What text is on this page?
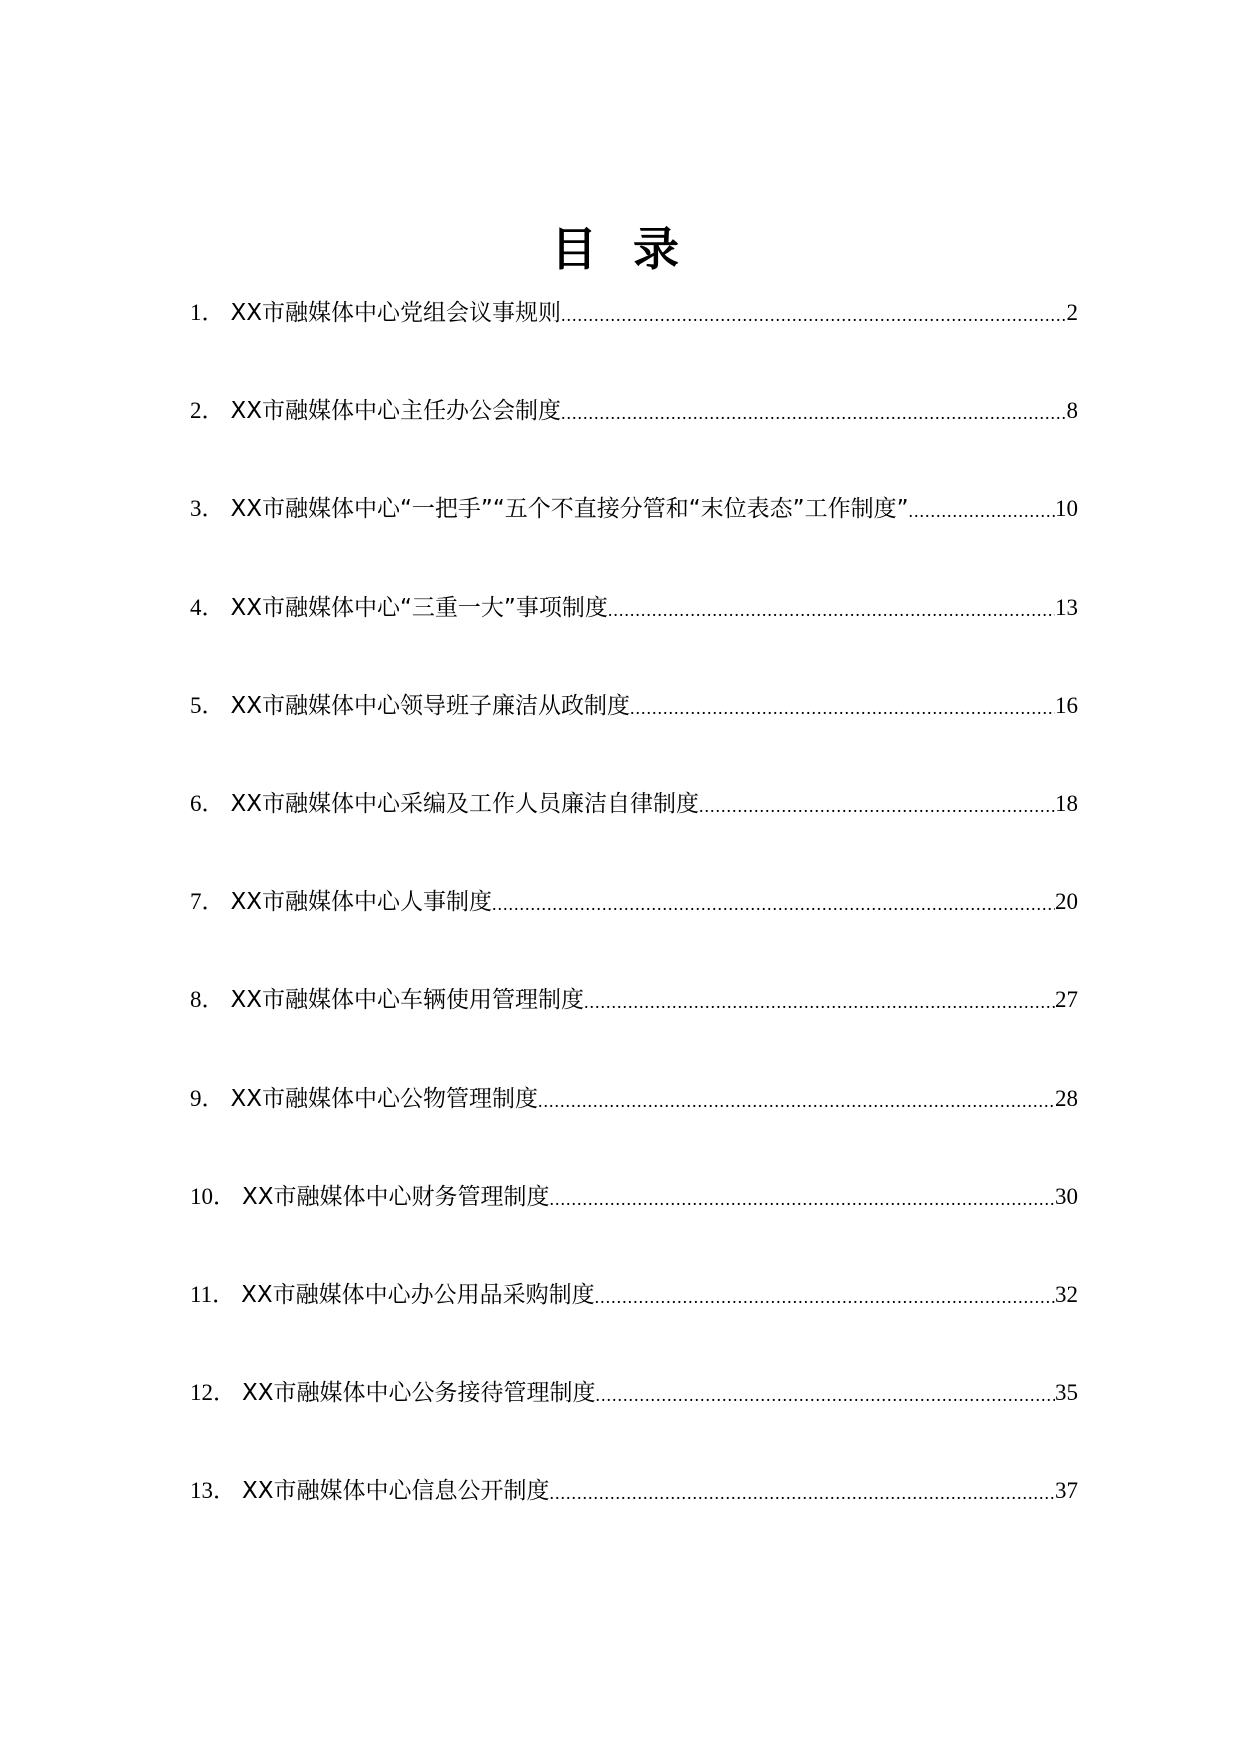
目 录
1． XX市融媒体中心党组会议事规则 .....	2
2． XX市融媒体中心主任办公会制度 .....	8
3． XX市融媒体中心“一把手”“五个不直接分管和“末位表态”工作制度” .....	10
4． XX市融媒体中心“三重一大”事项制度 .....	13
5． XX市融媒体中心领导班子廉洁从政制度 .....	16
6． XX市融媒体中心采编及工作人员廉洁自律制度 .....	18
7． XX市融媒体中心人事制度 .....	20
8． XX市融媒体中心车辆使用管理制度 .....	27
9． XX市融媒体中心公物管理制度 .....	28
10． XX市融媒体中心财务管理制度 .....	30
11． XX市融媒体中心办公用品采购制度 .....	32
12． XX市融媒体中心公务接待管理制度 .....	35
13． XX市融媒体中心信息公开制度 .....	37
